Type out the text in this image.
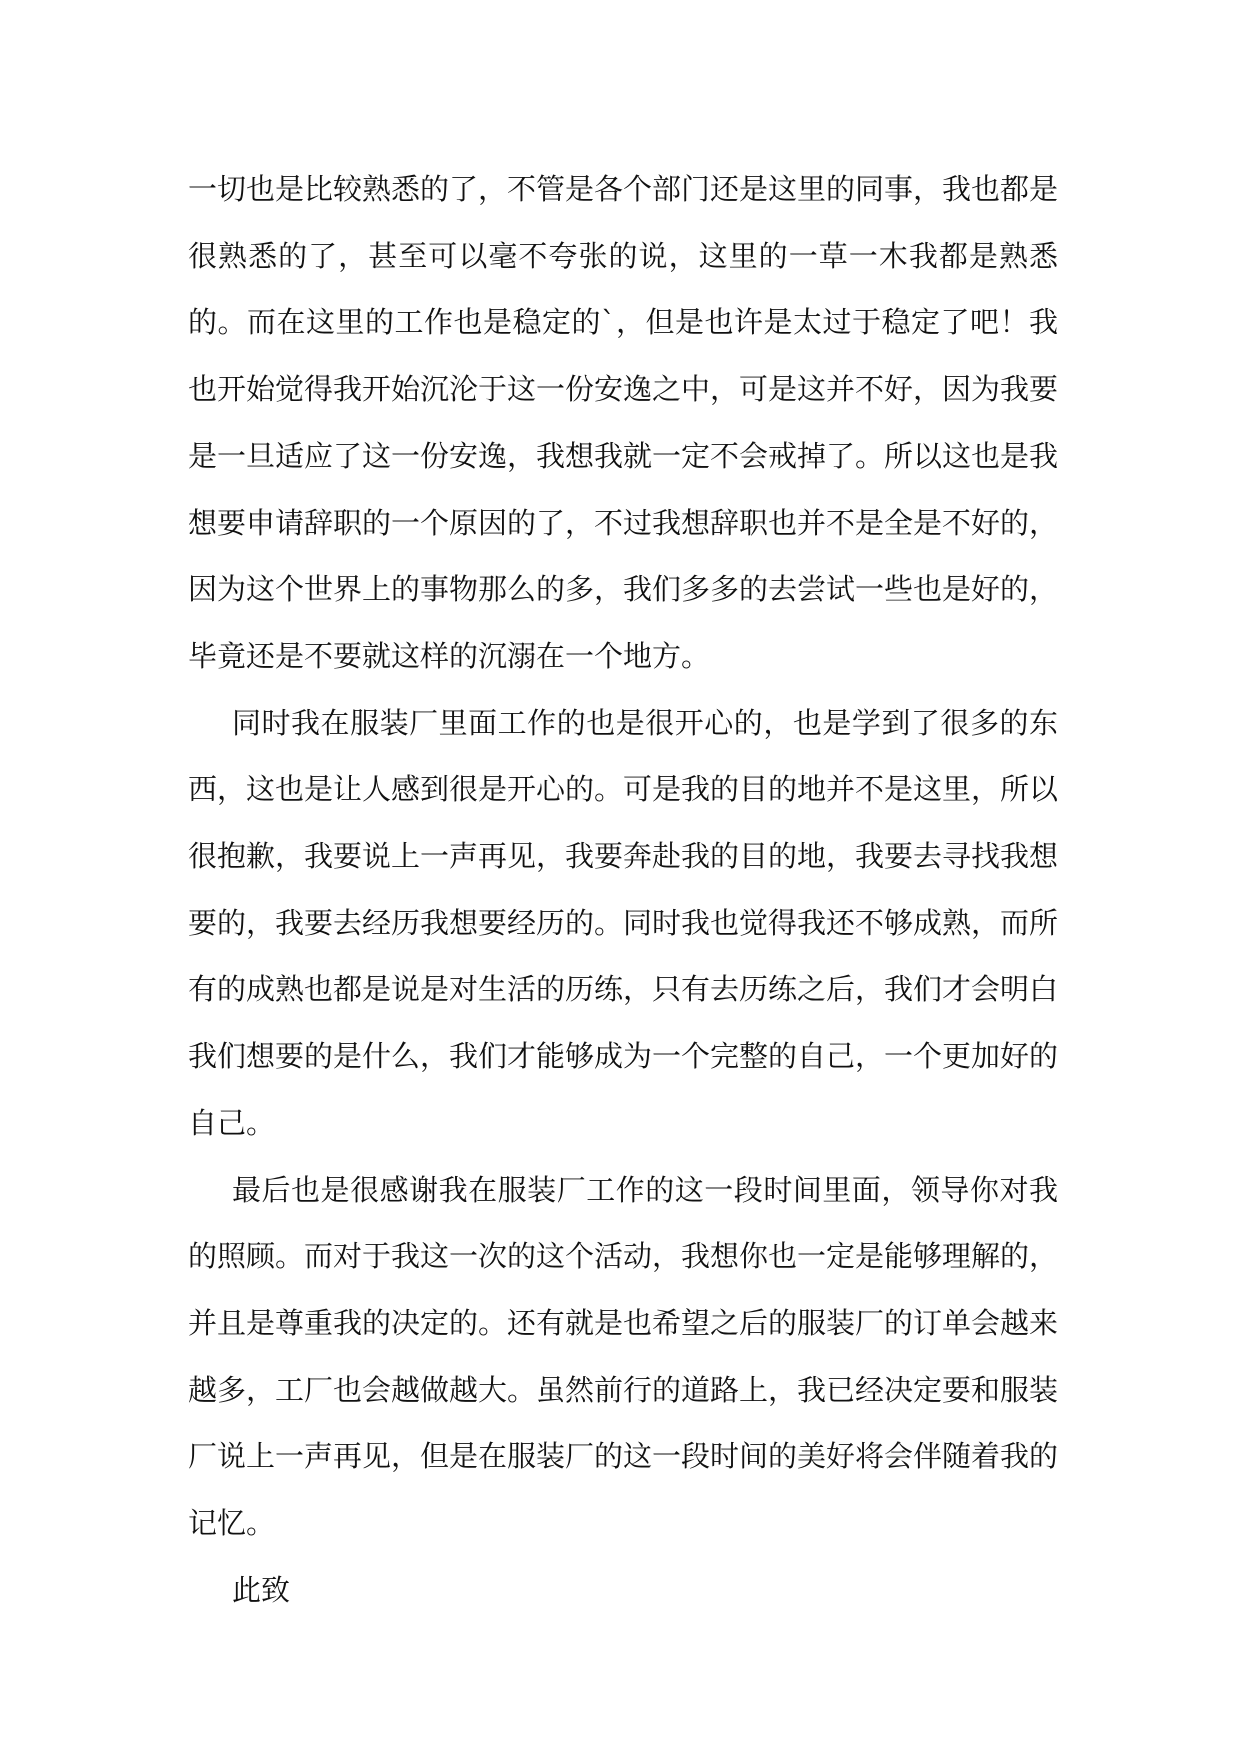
一切也是比较熟悉的了，不管是各个部门还是这里的同事，我也都是很熟悉的了，甚至可以毫不夸张的说，这里的一草一木我都是熟悉的。而在这里的工作也是稳定的`，但是也许是太过于稳定了吧！我也开始觉得我开始沉沦于这一份安逸之中，可是这并不好，因为我要是一旦适应了这一份安逸，我想我就一定不会戒掉了。所以这也是我想要申请辞职的一个原因的了，不过我想辞职也并不是全是不好的，因为这个世界上的事物那么的多，我们多多的去尝试一些也是好的，毕竟还是不要就这样的沉溺在一个地方。

同时我在服装厂里面工作的也是很开心的，也是学到了很多的东西，这也是让人感到很是开心的。可是我的目的地并不是这里，所以很抱歉，我要说上一声再见，我要奔赴我的目的地，我要去寻找我想要的，我要去经历我想要经历的。同时我也觉得我还不够成熟，而所有的成熟也都是说是对生活的历练，只有去历练之后，我们才会明白我们想要的是什么，我们才能够成为一个完整的自己，一个更加好的自己。

最后也是很感谢我在服装厂工作的这一段时间里面，领导你对我的照顾。而对于我这一次的这个活动，我想你也一定是能够理解的，并且是尊重我的决定的。还有就是也希望之后的服装厂的订单会越来越多，工厂也会越做越大。虽然前行的道路上，我已经决定要和服装厂说上一声再见，但是在服装厂的这一段时间的美好将会伴随着我的记忆。

此致
